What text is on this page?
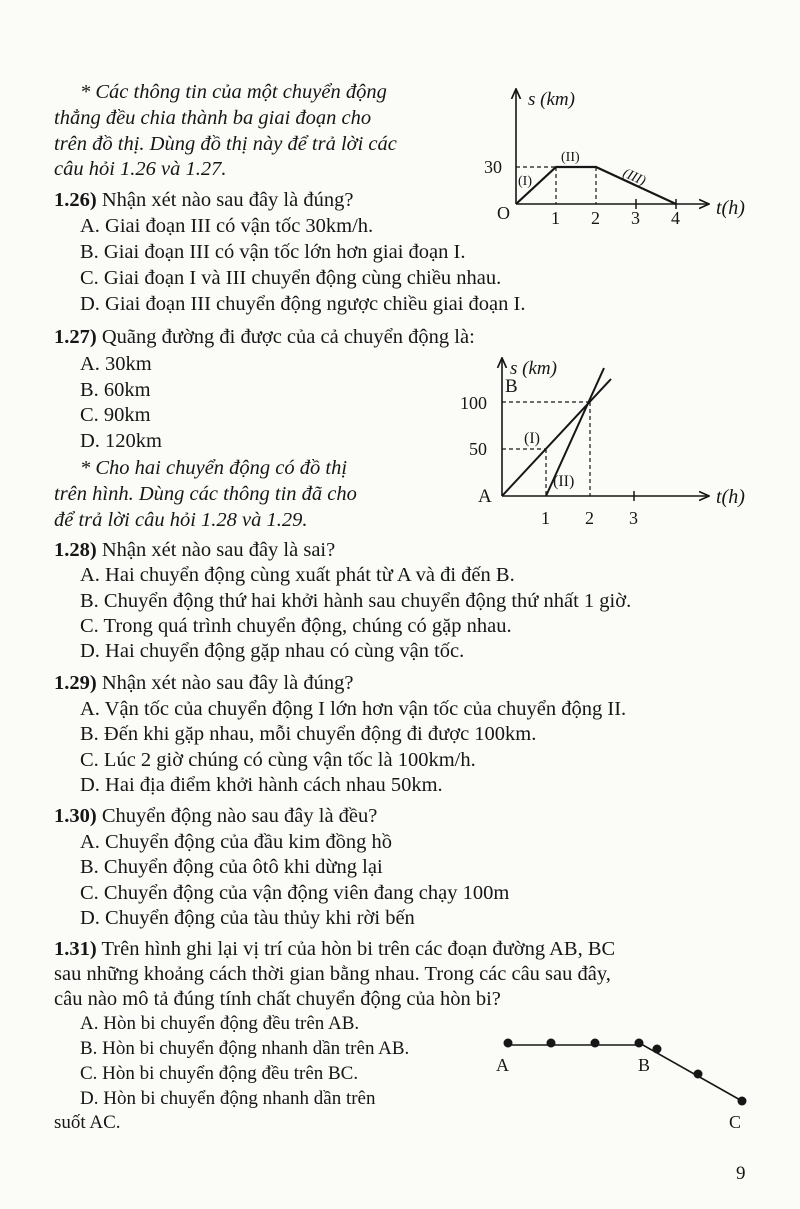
* Các thông tin của một chuyển động
thẳng đều chia thành ba giai đoạn cho
trên đồ thị. Dùng đồ thị này để trả lời các
câu hỏi 1.26 và 1.27.
1.26) Nhận xét nào sau đây là đúng?
A. Giai đoạn III có vận tốc 30km/h.
B. Giai đoạn III có vận tốc lớn hơn giai đoạn I.
C. Giai đoạn I và III chuyển động cùng chiều nhau.
D. Giai đoạn III chuyển động ngược chiều giai đoạn I.
1.27) Quãng đường đi được của cả chuyển động là:
A. 30km
B. 60km
C. 90km
D. 120km
* Cho hai chuyển động có đồ thị
trên hình. Dùng các thông tin đã cho
để trả lời câu hỏi 1.28 và 1.29.
1.28) Nhận xét nào sau đây là sai?
A. Hai chuyển động cùng xuất phát từ A và đi đến B.
B. Chuyển động thứ hai khởi hành sau chuyển động thứ nhất 1 giờ.
C. Trong quá trình chuyển động, chúng có gặp nhau.
D. Hai chuyển động gặp nhau có cùng vận tốc.
1.29) Nhận xét nào sau đây là đúng?
A. Vận tốc của chuyển động I lớn hơn vận tốc của chuyển động II.
B. Đến khi gặp nhau, mỗi chuyển động đi được 100km.
C. Lúc 2 giờ chúng có cùng vận tốc là 100km/h.
D. Hai địa điểm khởi hành cách nhau 50km.
1.30) Chuyển động nào sau đây là đều?
A. Chuyển động của đầu kim đồng hồ
B. Chuyển động của ôtô khi dừng lại
C. Chuyển động của vận động viên đang chạy 100m
D. Chuyển động của tàu thủy khi rời bến
1.31) Trên hình ghi lại vị trí của hòn bi trên các đoạn đường AB, BC
sau những khoảng cách thời gian bằng nhau. Trong các câu sau đây,
câu nào mô tả đúng tính chất chuyển động của hòn bi?
A. Hòn bi chuyển động đều trên AB.
B. Hòn bi chuyển động nhanh dần trên AB.
C. Hòn bi chuyển động đều trên BC.
D. Hòn bi chuyển động nhanh dần trên
suốt AC.
9
s (km)
t(h)
O
30
1 2 3 4
(I)
(II)
(III)
s (km)
t(h)
B
A
100
50
1 2 3
(I)
(II)
A	B
C
